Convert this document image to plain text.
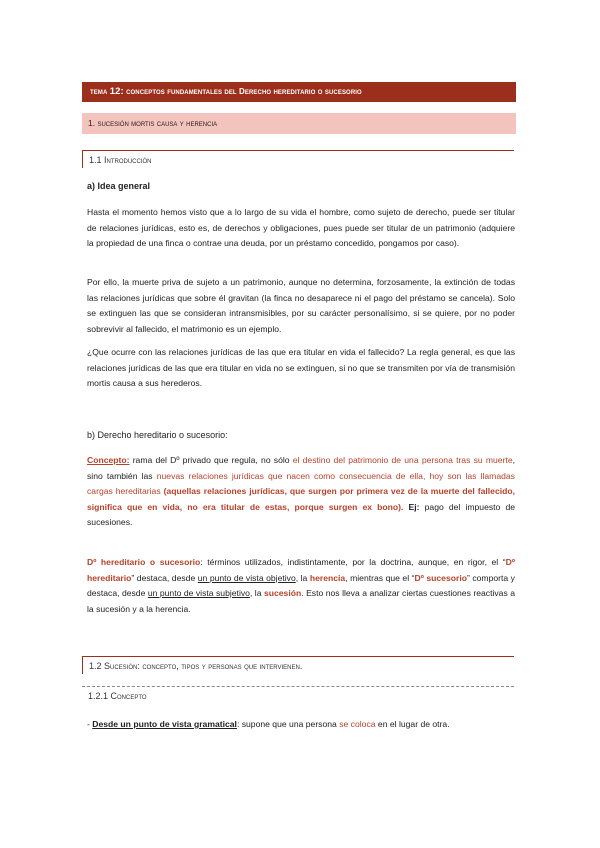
tema 12: conceptos fundamentales del Derecho hereditario o sucesorio
1. sucesión mortis causa y herencia
1.1 Introducción
a) Idea general

Hasta el momento hemos visto que a lo largo de su vida el hombre, como sujeto de derecho, puede ser titular de relaciones jurídicas, esto es, de derechos y obligaciones, pues puede ser titular de un patrimonio (adquiere la propiedad de una finca o contrae una deuda, por un préstamo concedido, pongamos por caso).

Por ello, la muerte priva de sujeto a un patrimonio, aunque no determina, forzosamente, la extinción de todas las relaciones jurídicas que sobre él gravitan (la finca no desaparece ni el pago del préstamo se cancela). Solo se extinguen las que se consideran intransmisibles, por su carácter personalísimo, si se quiere, por no poder sobrevivir al fallecido, el matrimonio es un ejemplo.

¿Que ocurre con las relaciones jurídicas de las que era titular en vida el fallecido? La regla general, es que las relaciones jurídicas de las que era titular en vida no se extinguen, si no que se transmiten por vía de transmisión mortis causa a sus herederos.

b) Derecho hereditario o sucesorio:

Concepto: rama del Dº privado que regula, no sólo el destino del patrimonio de una persona tras su muerte, sino también las nuevas relaciones jurídicas que nacen como consecuencia de ella, hoy son las llamadas cargas hereditarias (aquellas relaciones jurídicas, que surgen por primera vez de la muerte del fallecido, significa que en vida, no era titular de estas, porque surgen ex bono). Ej: pago del impuesto de sucesiones.

Dº hereditario o sucesorio: términos utilizados, indistintamente, por la doctrina, aunque, en rigor, el “Dº hereditario” destaca, desde un punto de vista objetivo, la herencia, mientras que el “Dº sucesorio” comporta y destaca, desde un punto de vista subjetivo, la sucesión. Esto nos lleva a analizar ciertas cuestiones reactivas a la sucesión y a la herencia.

1.2 Sucesión: concepto, tipos y personas que intervienen.
1.2.1 Concepto

- Desde un punto de vista gramatical: supone que una persona se coloca en el lugar de otra.
